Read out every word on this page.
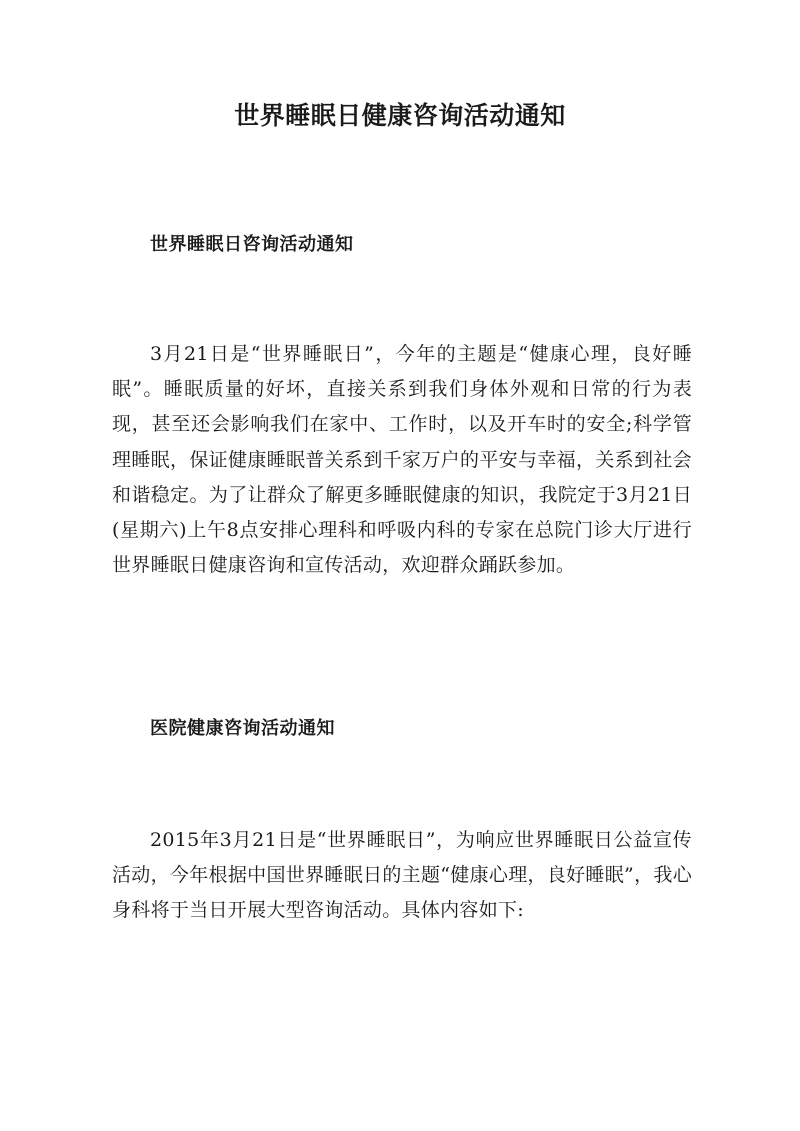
世界睡眠日健康咨询活动通知
世界睡眠日咨询活动通知

3月21日是“世界睡眠日”，今年的主题是“健康心理，良好睡眠”。睡眠质量的好坏，直接关系到我们身体外观和日常的行为表现，甚至还会影响我们在家中、工作时，以及开车时的安全;科学管理睡眠，保证健康睡眠普关系到千家万户的平安与幸福，关系到社会和谐稳定。为了让群众了解更多睡眠健康的知识，我院定于3月21日(星期六)上午8点安排心理科和呼吸内科的专家在总院门诊大厅进行世界睡眠日健康咨询和宣传活动，欢迎群众踊跃参加。

医院健康咨询活动通知

2015年3月21日是“世界睡眠日”，为响应世界睡眠日公益宣传活动，今年根据中国世界睡眠日的主题“健康心理，良好睡眠”，我心身科将于当日开展大型咨询活动。具体内容如下:
